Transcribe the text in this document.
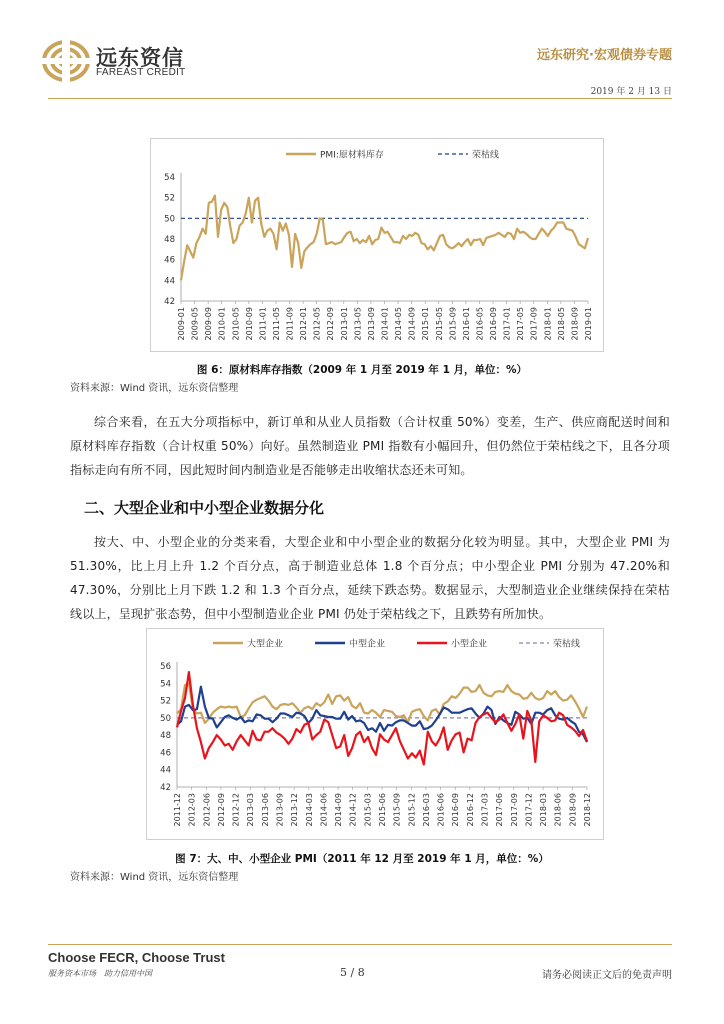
远东资信
FAREAST CREDIT
远东研究·宏观债券专题
2019 年 2 月 13 日
PMI:原材料库存	荣枯线
42
44
46
48
50
52
54
2009-01 2009-05 2009-09 2010-01 2010-05 2010-09 2011-01 2011-05 2011-09 2012-01 2012-05 2012-09 2013-01 2013-05 2013-09 2014-01 2014-05 2014-09 2015-01 2015-05 2015-09 2016-01 2016-05 2016-09 2017-01 2017-05 2017-09 2018-01 2018-05 2018-09 2019-01
图 6：原材料库存指数（2009 年 1 月至 2019 年 1 月，单位：%）
资料来源：Wind 资讯，远东资信整理
综合来看，在五大分项指标中，新订单和从业人员指数（合计权重 50%）变差，生产、供应商配送时间和原材料库存指数（合计权重 50%）向好。虽然制造业 PMI 指数有小幅回升，但仍然位于荣枯线之下，且各分项指标走向有所不同，因此短时间内制造业是否能够走出收缩状态还未可知。
二、大型企业和中小型企业数据分化
按大、中、小型企业的分类来看，大型企业和中小型企业的数据分化较为明显。其中，大型企业 PMI 为 51.30%，比上月上升 1.2 个百分点，高于制造业总体 1.8 个百分点；中小型企业 PMI 分别为 47.20%和 47.30%，分别比上月下跌 1.2 和 1.3 个百分点，延续下跌态势。数据显示，大型制造业企业继续保持在荣枯线以上，呈现扩张态势，但中小型制造业企业 PMI 仍处于荣枯线之下，且跌势有所加快。
大型企业	中型企业	小型企业	荣枯线
42
44
46
48
50
52
54
56
2011-12 2012-03 2012-06 2012-09 2012-12 2013-03 2013-06 2013-09 2013-12 2014-03 2014-06 2014-09 2014-12 2015-03 2015-06 2015-09 2015-12 2016-03 2016-06 2016-09 2016-12 2017-03 2017-06 2017-09 2017-12 2018-03 2018-06 2018-09 2018-12
图 7：大、中、小型企业 PMI（2011 年 12 月至 2019 年 1 月，单位：%）
资料来源：Wind 资讯，远东资信整理
Choose FECR, Choose Trust
服务资本市场　助力信用中国	5 / 8	请务必阅读正文后的免责声明
